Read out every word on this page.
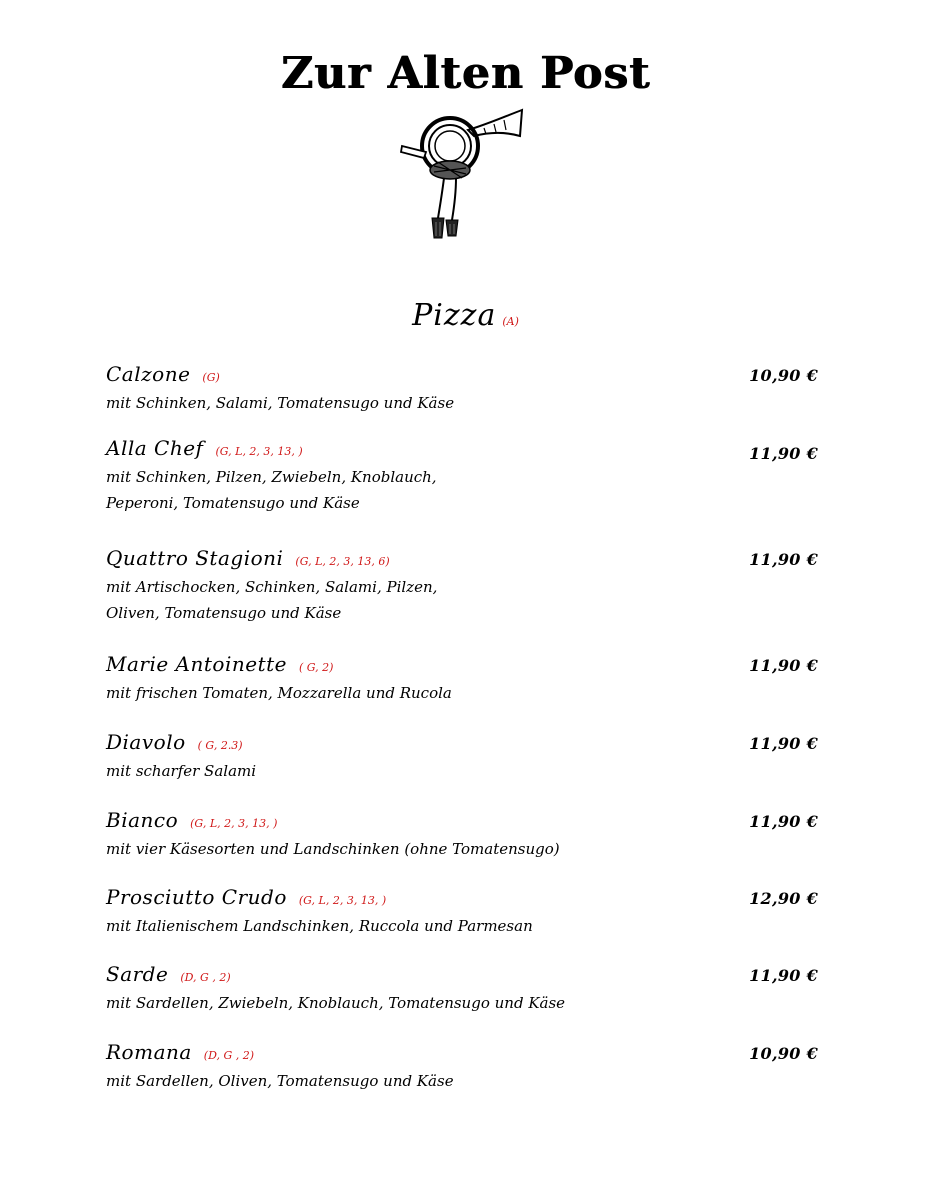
Zur Alten Post
Pizza (A)
Calzone (G)	10,90 €
mit Schinken, Salami, Tomatensugo und Käse
Alla Chef (G, L, 2, 3, 13, )	11,90 €
mit Schinken, Pilzen, Zwiebeln, Knoblauch,
Peperoni, Tomatensugo und Käse
Quattro Stagioni (G, L, 2, 3, 13, 6)	11,90 €
mit Artischocken, Schinken, Salami, Pilzen,
Oliven, Tomatensugo und Käse
Marie Antoinette ( G, 2)	11,90 €
mit frischen Tomaten, Mozzarella und Rucola
Diavolo ( G, 2.3)	11,90 €
mit scharfer Salami
Bianco (G, L, 2, 3, 13, )	11,90 €
mit vier Käsesorten und Landschinken (ohne Tomatensugo)
Prosciutto Crudo (G, L, 2, 3, 13, )	12,90 €
mit Italienischem Landschinken, Ruccola und Parmesan
Sarde (D, G , 2)	11,90 €
mit Sardellen, Zwiebeln, Knoblauch, Tomatensugo und Käse
Romana (D, G , 2)	10,90 €
mit Sardellen, Oliven, Tomatensugo und Käse
